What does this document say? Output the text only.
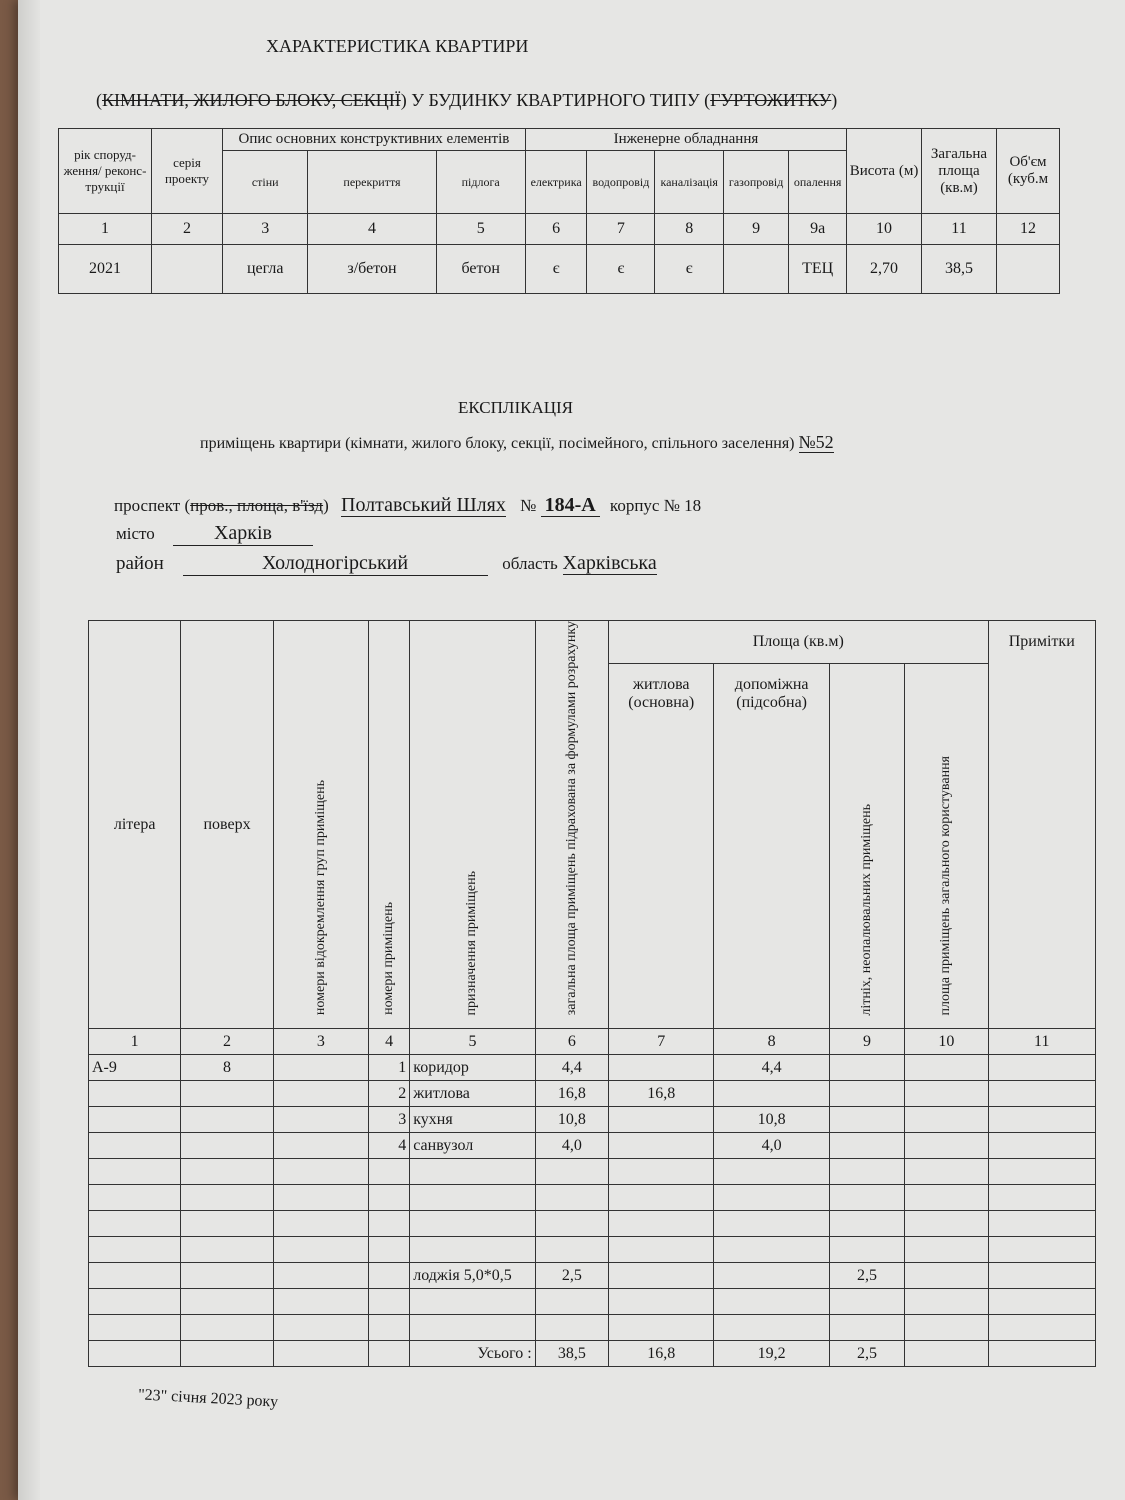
ХАРАКТЕРИСТИКА КВАРТИРИ
(КІМНАТИ, ЖИЛОГО БЛОКУ, СЕКЦІЇ) У БУДИНКУ КВАРТИРНОГО ТИПУ (ГУРТОЖИТКУ)
рік споруд-ження/ реконс-трукції	серія проекту	Опис основних конструктивних елементів			Інженерне обладнання					Висота (м)	Загальна площа (кв.м)	Об'єм (куб.м
		стіни	перекриття	підлога	електрика	водопровід	каналізація	газопровід	опалення			
1	2	3	4	5	6	7	8	9	9а	10	11	12
2021		цегла	з/бетон	бетон	є	є	є		ТЕЦ	2,70	38,5	
ЕКСПЛІКАЦІЯ
приміщень квартири (кімнати, жилого блоку, секції, посімейного, спільного заселення) №52
проспект (пров., площа, в'їзд) Полтавський Шлях № 184-А корпус № 18
місто	Харків
район	Холодногірський	область Харківська
літера	поверх	номери відокремлення груп приміщень	номери приміщень	призначення приміщень	загальна площа приміщень підрахована за формулами розрахунку	Площа (кв.м)				Примітки
						житлова (основна)	допоміжна (підсобна)	літніх, неопалювальних приміщень	площа приміщень загального користування	
1	2	3	4	5	6	7	8	9	10	11
А-9	8		1	коридор	4,4		4,4			
			2	житлова	16,8	16,8				
			3	кухня	10,8		10,8			
			4	санвузол	4,0		4,0			

				лоджія 5,0*0,5	2,5			2,5		

				Усього :	38,5	16,8	19,2	2,5		
"23" січня 2023 року
